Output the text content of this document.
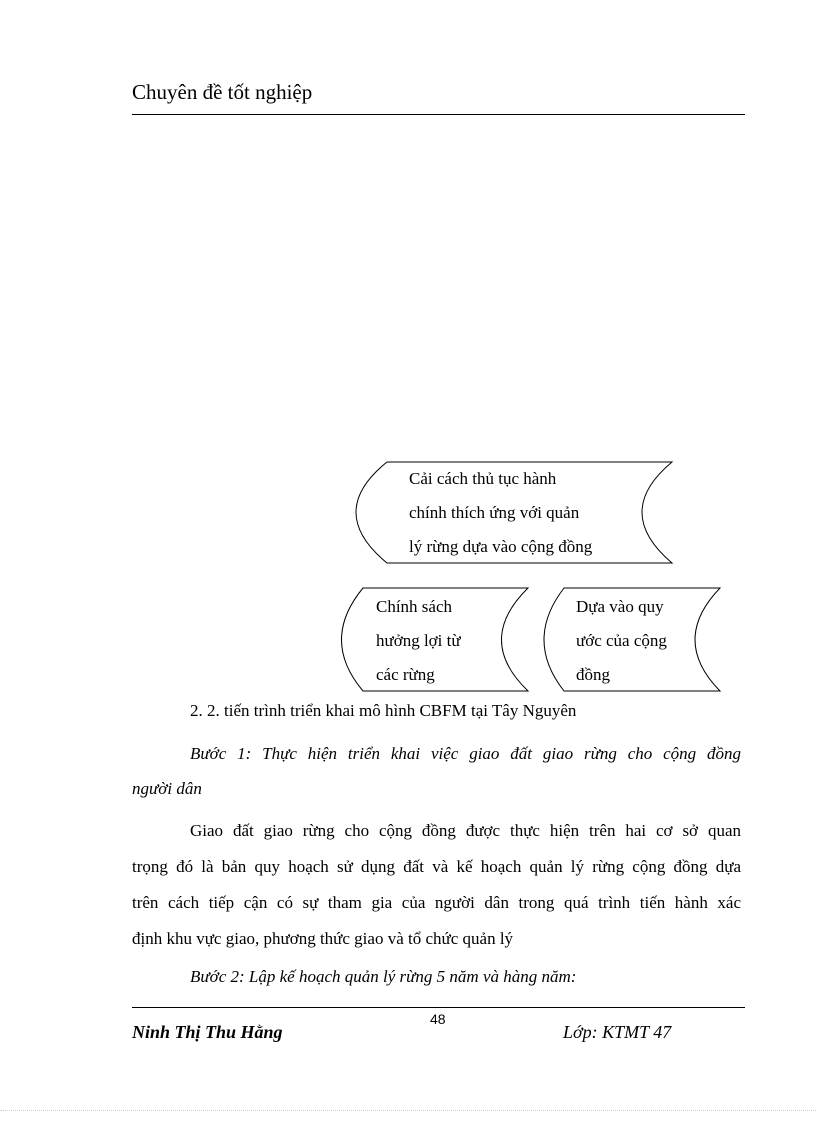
Chuyên đề tốt nghiệp
Cải cách thủ tục hành
chính thích ứng với quản
lý rừng dựa vào cộng đồng
Chính sách
hưởng lợi từ
các rừng
Dựa vào quy
ước của cộng
đồng
2. 2. tiến trình triển khai mô hình CBFM tại Tây Nguyên
Bước 1: Thực hiện triển khai việc giao đất giao rừng cho cộng đồng
người dân
Giao đất giao rừng cho cộng đồng được thực hiện trên hai cơ sở quan
trọng đó là bản quy hoạch sử dụng đất và kế hoạch quản lý rừng cộng đồng dựa
trên cách tiếp cận có sự tham gia của người dân trong quá trình tiến hành xác
định khu vực giao, phương thức giao và tổ chức quản lý
Bước 2: Lập kế hoạch quản lý rừng 5 năm và hàng năm:
48
Ninh Thị Thu Hằng	Lớp: KTMT 47
